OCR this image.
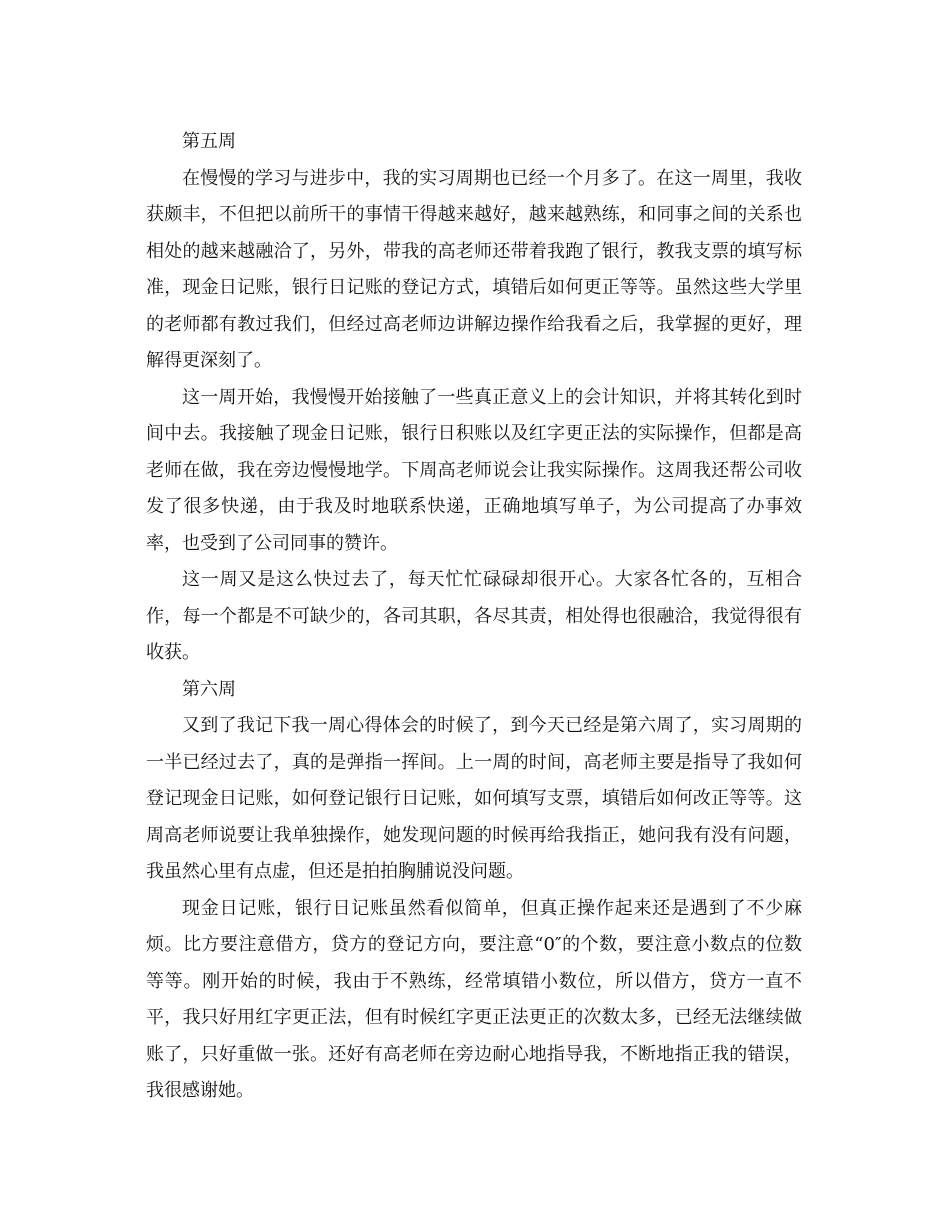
第五周

在慢慢的学习与进步中，我的实习周期也已经一个月多了。在这一周里，我收获颇丰，不但把以前所干的事情干得越来越好，越来越熟练，和同事之间的关系也相处的越来越融洽了，另外，带我的高老师还带着我跑了银行，教我支票的填写标准，现金日记账，银行日记账的登记方式，填错后如何更正等等。虽然这些大学里的老师都有教过我们，但经过高老师边讲解边操作给我看之后，我掌握的更好，理解得更深刻了。

这一周开始，我慢慢开始接触了一些真正意义上的会计知识，并将其转化到时间中去。我接触了现金日记账，银行日积账以及红字更正法的实际操作，但都是高老师在做，我在旁边慢慢地学。下周高老师说会让我实际操作。这周我还帮公司收发了很多快递，由于我及时地联系快递，正确地填写单子，为公司提高了办事效率，也受到了公司同事的赞许。

这一周又是这么快过去了，每天忙忙碌碌却很开心。大家各忙各的，互相合作，每一个都是不可缺少的，各司其职，各尽其责，相处得也很融洽，我觉得很有收获。

第六周

又到了我记下我一周心得体会的时候了，到今天已经是第六周了，实习周期的一半已经过去了，真的是弹指一挥间。上一周的时间，高老师主要是指导了我如何登记现金日记账，如何登记银行日记账，如何填写支票，填错后如何改正等等。这周高老师说要让我单独操作，她发现问题的时候再给我指正，她问我有没有问题，我虽然心里有点虚，但还是拍拍胸脯说没问题。

现金日记账，银行日记账虽然看似简单，但真正操作起来还是遇到了不少麻烦。比方要注意借方，贷方的登记方向，要注意“0″的个数，要注意小数点的位数等等。刚开始的时候，我由于不熟练，经常填错小数位，所以借方，贷方一直不平，我只好用红字更正法，但有时候红字更正法更正的次数太多，已经无法继续做账了，只好重做一张。还好有高老师在旁边耐心地指导我，不断地指正我的错误，我很感谢她。
